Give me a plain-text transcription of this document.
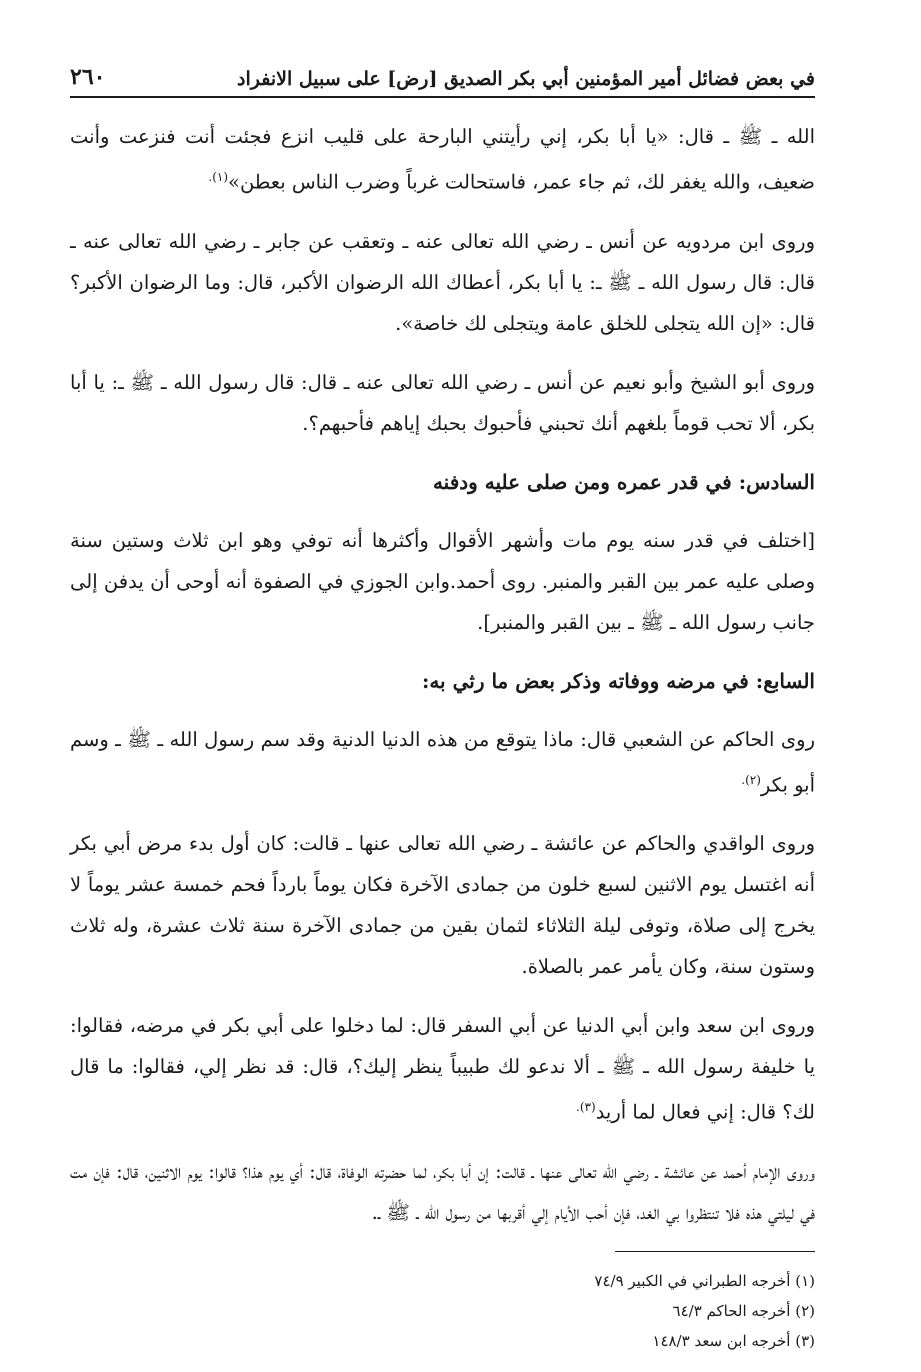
في بعض فضائل أمير المؤمنين أبي بكر الصديق [رض] على سبيل الانفراد
٢٦٠

الله ـ ﷺ ـ قال: «يا أبا بكر، إني رأيتني البارحة على قليب انزع فجئت أنت فنزعت وأنت ضعيف، والله يغفر لك، ثم جاء عمر، فاستحالت غرباً وضرب الناس بعطن»$^{(١).}$

وروى ابن مردويه عن أنس ـ رضي الله تعالى عنه ـ وتعقب عن جابر ـ رضي الله تعالى عنه ـ قال: قال رسول الله ـ ﷺ ـ: يا أبا بكر، أعطاك الله الرضوان الأكبر، قال: وما الرضوان الأكبر؟ قال: «إن الله يتجلى للخلق عامة ويتجلى لك خاصة».

وروى أبو الشيخ وأبو نعيم عن أنس ـ رضي الله تعالى عنه ـ قال: قال رسول الله ـ ﷺ ـ: يا أبا بكر، ألا تحب قوماً بلغهم أنك تحبني فأحبوك بحبك إياهم فأحبهم؟.

السادس: في قدر عمره ومن صلى عليه ودفنه

[اختلف في قدر سنه يوم مات وأشهر الأقوال وأكثرها أنه توفي وهو ابن ثلاث وستين سنة وصلى عليه عمر بين القبر والمنبر. روى أحمد.وابن الجوزي في الصفوة أنه أوحى أن يدفن إلى جانب رسول الله ـ ﷺ ـ بين القبر والمنبر].

السابع: في مرضه ووفاته وذكر بعض ما رثي به:

روى الحاكم عن الشعبي قال: ماذا يتوقع من هذه الدنيا الدنية وقد سم رسول الله ـ ﷺ ـ وسم أبو بكر$^{(٢).}$

وروى الواقدي والحاكم عن عائشة ـ رضي الله تعالى عنها ـ قالت: كان أول بدء مرض أبي بكر أنه اغتسل يوم الاثنين لسبع خلون من جمادى الآخرة فكان يوماً بارداً فحم خمسة عشر يوماً لا يخرج إلى صلاة، وتوفى ليلة الثلاثاء لثمان بقين من جمادى الآخرة سنة ثلاث عشرة، وله ثلاث وستون سنة، وكان يأمر عمر بالصلاة.

وروى ابن سعد وابن أبي الدنيا عن أبي السفر قال: لما دخلوا على أبي بكر في مرضه، فقالوا: يا خليفة رسول الله ـ ﷺ ـ ألا ندعو لك طبيباً ينظر إليك؟، قال: قد نظر إلي، فقالوا: ما قال لك؟ قال: إني فعال لما أريد$^{(٣).}$

وروى الإمام أحمد عن عائشة ـ رضي الله تعالى عنها ـ قالت: إن أبا بكر، لما حضرته الوفاة، قال: أي يوم هذا؟ قالوا: يوم الاثنين، قال: فإن مت في ليلتي هذه فلا تنتظروا بي الغد، فإن أحب الأيام إلي أقربها من رسول الله ـ ﷺ ـ.

(١) أخرجه الطبراني في الكبير ٧٤/٩
(٢) أخرجه الحاكم ٦٤/٣
(٣) أخرجه ابن سعد ١٤٨/٣
